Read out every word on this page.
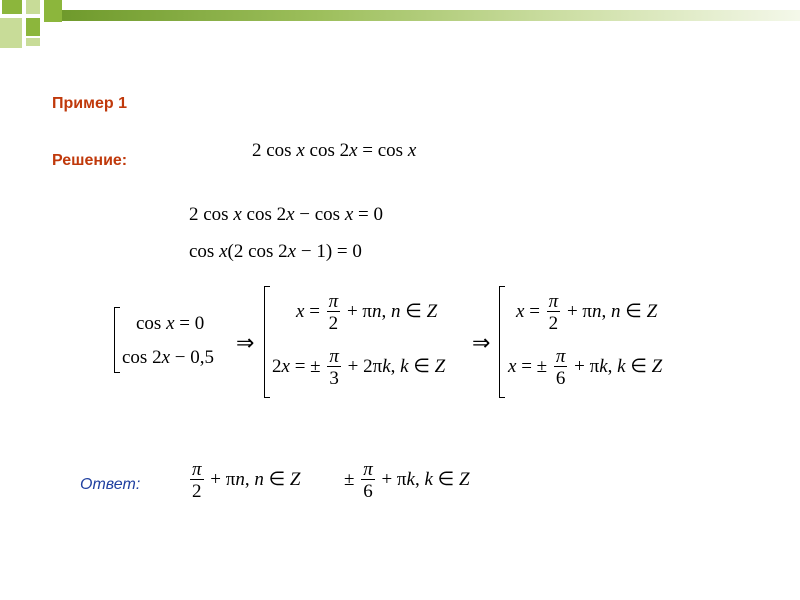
Пример 1
Решение:	2 cos x cos 2x = cos x
2 cos x cos 2x − cos x = 0
cos x(2 cos 2x − 1) = 0
cos x = 0
cos 2x − 0,5
⇒
$x = \frac{\pi}{2} + \pi n$, n ∈ Z
2x = ± $\frac{\pi}{3} + 2\pi k$, k ∈ Z
⇒
$x = \frac{\pi}{2} + \pi n$, n ∈ Z
x = ± $\frac{\pi}{6} + \pi k$, k ∈ Z
Ответ:	$\frac{\pi}{2} + \pi n$, n ∈ $Z \pm \frac{\pi}{6} + \pi k$, k ∈ Z
